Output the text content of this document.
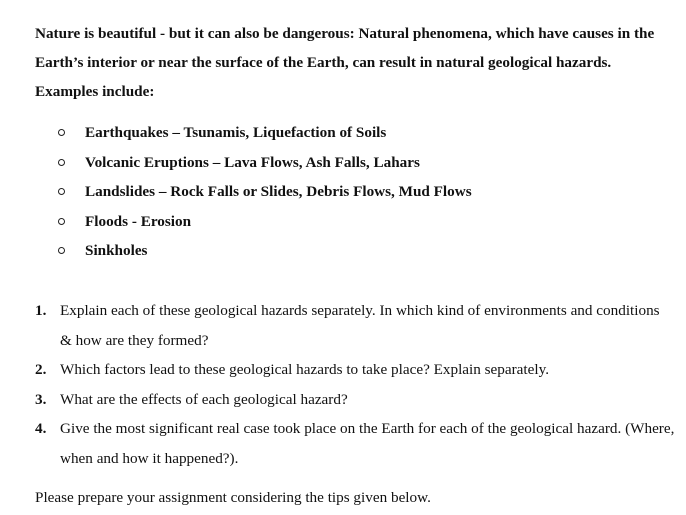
Nature is beautiful - but it can also be dangerous: Natural phenomena, which have causes in the Earth’s interior or near the surface of the Earth, can result in natural geological hazards. Examples include:

Earthquakes – Tsunamis, Liquefaction of Soils
Volcanic Eruptions – Lava Flows, Ash Falls, Lahars
Landslides – Rock Falls or Slides, Debris Flows, Mud Flows
Floods - Erosion
Sinkholes
1. Explain each of these geological hazards separately. In which kind of environments and conditions & how are they formed?
2. Which factors lead to these geological hazards to take place? Explain separately.
3. What are the effects of each geological hazard?
4. Give the most significant real case took place on the Earth for each of the geological hazard. (Where, when and how it happened?).

Please prepare your assignment considering the tips given below.
